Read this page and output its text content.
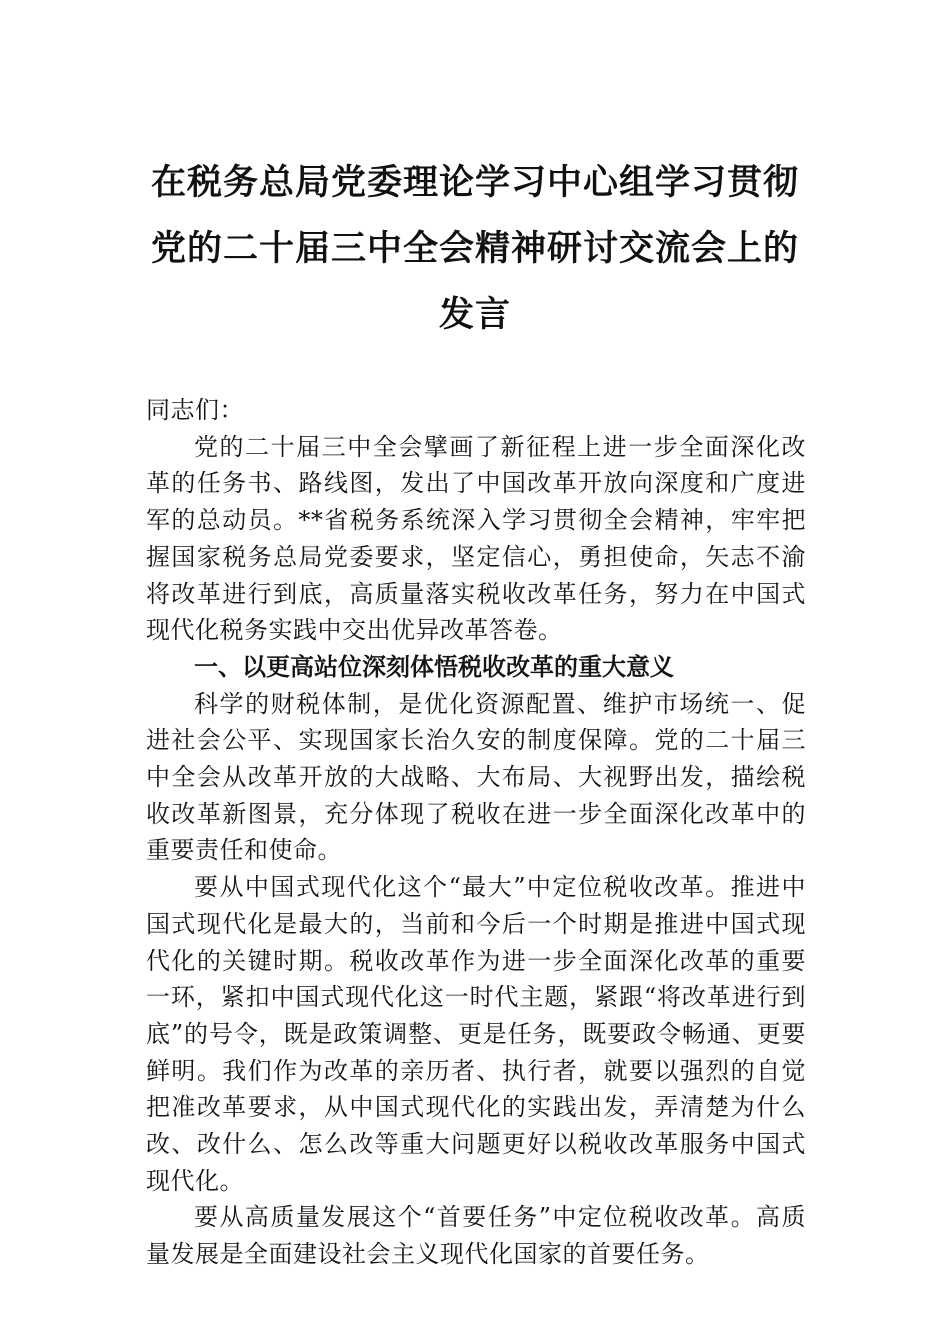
在税务总局党委理论学习中心组学习贯彻
党的二十届三中全会精神研讨交流会上的
发言

同志们：

党的二十届三中全会擘画了新征程上进一步全面深化改革的任务书、路线图，发出了中国改革开放向深度和广度进军的总动员。**省税务系统深入学习贯彻全会精神，牢牢把握国家税务总局党委要求，坚定信心，勇担使命，矢志不渝将改革进行到底，高质量落实税收改革任务，努力在中国式现代化税务实践中交出优异改革答卷。

一、以更高站位深刻体悟税收改革的重大意义

科学的财税体制，是优化资源配置、维护市场统一、促进社会公平、实现国家长治久安的制度保障。党的二十届三中全会从改革开放的大战略、大布局、大视野出发，描绘税收改革新图景，充分体现了税收在进一步全面深化改革中的重要责任和使命。

要从中国式现代化这个“最大”中定位税收改革。推进中国式现代化是最大的，当前和今后一个时期是推进中国式现代化的关键时期。税收改革作为进一步全面深化改革的重要一环，紧扣中国式现代化这一时代主题，紧跟“将改革进行到底”的号令，既是政策调整、更是任务，既要政令畅通、更要鲜明。我们作为改革的亲历者、执行者，就要以强烈的自觉把准改革要求，从中国式现代化的实践出发，弄清楚为什么改、改什么、怎么改等重大问题更好以税收改革服务中国式现代化。

要从高质量发展这个“首要任务”中定位税收改革。高质量发展是全面建设社会主义现代化国家的首要任务。
